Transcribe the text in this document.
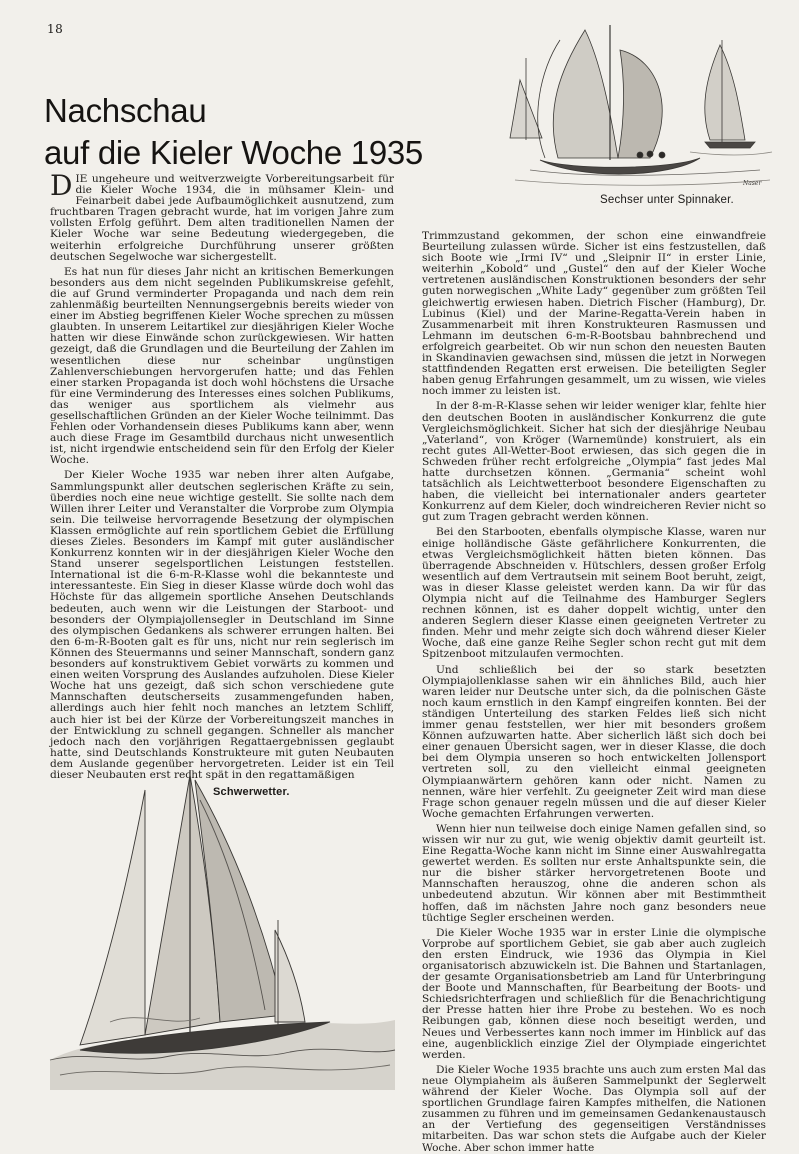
18
Nachschau
auf die Kieler Woche 1935
Naser
Sechser unter Spinnaker.

DIE ungeheure und weitverzweigte Vorbereitungsarbeit für die Kieler Woche 1934, die in mühsamer Klein- und Feinarbeit dabei jede Aufbaumöglichkeit ausnutzend, zum fruchtbaren Tragen gebracht wurde, hat im vorigen Jahre zum vollsten Erfolg geführt. Dem alten traditionellen Namen der Kieler Woche war seine Bedeutung wiedergegeben, die weiterhin erfolgreiche Durchführung unserer größten deutschen Segelwoche war sichergestellt.

Es hat nun für dieses Jahr nicht an kritischen Bemerkungen besonders aus dem nicht segelnden Publikumskreise gefehlt, die auf Grund verminderter Propaganda und nach dem rein zahlenmäßig beurteilten Nennungsergebnis bereits wieder von einer im Abstieg begriffenen Kieler Woche sprechen zu müssen glaubten. In unserem Leitartikel zur diesjährigen Kieler Woche hatten wir diese Einwände schon zurückgewiesen. Wir hatten gezeigt, daß die Grundlagen und die Beurteilung der Zahlen im wesentlichen diese nur scheinbar ungünstigen Zahlenverschiebungen hervorgerufen hatte; und das Fehlen einer starken Propaganda ist doch wohl höchstens die Ursache für eine Verminderung des Interesses eines solchen Publikums, das weniger aus sportlichem als vielmehr aus gesellschaftlichen Gründen an der Kieler Woche teilnimmt. Das Fehlen oder Vorhandensein dieses Publikums kann aber, wenn auch diese Frage im Gesamtbild durchaus nicht unwesentlich ist, nicht irgendwie entscheidend sein für den Erfolg der Kieler Woche.

Der Kieler Woche 1935 war neben ihrer alten Aufgabe, Sammlungspunkt aller deutschen seglerischen Kräfte zu sein, überdies noch eine neue wichtige gestellt. Sie sollte nach dem Willen ihrer Leiter und Veranstalter die Vorprobe zum Olympia sein. Die teilweise hervorragende Besetzung der olympischen Klassen ermöglichte auf rein sportlichem Gebiet die Erfüllung dieses Zieles. Besonders im Kampf mit guter ausländischer Konkurrenz konnten wir in der diesjährigen Kieler Woche den Stand unserer segelsportlichen Leistungen feststellen. International ist die 6-m-R-Klasse wohl die bekannteste und interessanteste. Ein Sieg in dieser Klasse würde doch wohl das Höchste für das allgemein sportliche Ansehen Deutschlands bedeuten, auch wenn wir die Leistungen der Starboot- und besonders der Olympiajollensegler in Deutschland im Sinne des olympischen Gedankens als schwerer errungen halten. Bei den 6-m-R-Booten galt es für uns, nicht nur rein seglerisch im Können des Steuermanns und seiner Mannschaft, sondern ganz besonders auf konstruktivem Gebiet vorwärts zu kommen und einen weiten Vorsprung des Auslandes aufzuholen. Diese Kieler Woche hat uns gezeigt, daß sich schon verschiedene gute Mannschaften deutscherseits zusammengefunden haben, allerdings auch hier fehlt noch manches an letztem Schliff, auch hier ist bei der Kürze der Vorbereitungszeit manches in der Entwicklung zu schnell gegangen. Schneller als mancher jedoch nach den vorjährigen Regattaergebnissen geglaubt hatte, sind Deutschlands Konstrukteure mit guten Neubauten dem Auslande gegenüber hervorgetreten. Leider ist ein Teil dieser Neubauten erst recht spät in den regattamäßigen

Trimmzustand gekommen, der schon eine einwandfreie Beurteilung zulassen würde. Sicher ist eins festzustellen, daß sich Boote wie „Irmi IV“ und „Sleipnir II“ in erster Linie, weiterhin „Kobold“ und „Gustel“ den auf der Kieler Woche vertretenen ausländischen Konstruktionen besonders der sehr guten norwegischen „White Lady“ gegenüber zum größten Teil gleichwertig erwiesen haben. Dietrich Fischer (Hamburg), Dr. Lubinus (Kiel) und der Marine-Regatta-Verein haben in Zusammenarbeit mit ihren Konstrukteuren Rasmussen und Lehmann im deutschen 6-m-R-Bootsbau bahnbrechend und erfolgreich gearbeitet. Ob wir nun schon den neuesten Bauten in Skandinavien gewachsen sind, müssen die jetzt in Norwegen stattfindenden Regatten erst erweisen. Die beteiligten Segler haben genug Erfahrungen gesammelt, um zu wissen, wie vieles noch immer zu leisten ist.

In der 8-m-R-Klasse sehen wir leider weniger klar, fehlte hier den deutschen Booten in ausländischer Konkurrenz die gute Vergleichsmöglichkeit. Sicher hat sich der diesjährige Neubau „Vaterland“, von Kröger (Warnemünde) konstruiert, als ein recht gutes All-Wetter-Boot erwiesen, das sich gegen die in Schweden früher recht erfolgreiche „Olympia“ fast jedes Mal hatte durchsetzen können. „Germania“ scheint wohl tatsächlich als Leichtwetterboot besondere Eigenschaften zu haben, die vielleicht bei internationaler anders gearteter Konkurrenz auf dem Kieler, doch windreicheren Revier nicht so gut zum Tragen gebracht werden können.

Bei den Starbooten, ebenfalls olympische Klasse, waren nur einige holländische Gäste gefährlichere Konkurrenten, die etwas Vergleichsmöglichkeit hätten bieten können. Das überragende Abschneiden v. Hütschlers, dessen großer Erfolg wesentlich auf dem Vertrautsein mit seinem Boot beruht, zeigt, was in dieser Klasse geleistet werden kann. Da wir für das Olympia nicht auf die Teilnahme des Hamburger Seglers rechnen können, ist es daher doppelt wichtig, unter den anderen Seglern dieser Klasse einen geeigneten Vertreter zu finden. Mehr und mehr zeigte sich doch während dieser Kieler Woche, daß eine ganze Reihe Segler schon recht gut mit dem Spitzenboot mitzulaufen vermochten.

Und schließlich bei der so stark besetzten Olympiajollenklasse sahen wir ein ähnliches Bild, auch hier waren leider nur Deutsche unter sich, da die polnischen Gäste noch kaum ernstlich in den Kampf eingreifen konnten. Bei der ständigen Unterteilung des starken Feldes ließ sich nicht immer genau feststellen, wer hier mit besonders großem Können aufzuwarten hatte. Aber sicherlich läßt sich doch bei einer genauen Übersicht sagen, wer in dieser Klasse, die doch bei dem Olympia unseren so hoch entwickelten Jollensport vertreten soll, zu den vielleicht einmal geeigneten Olympiaanwärtern gehören kann oder nicht. Namen zu nennen, wäre hier verfehlt. Zu geeigneter Zeit wird man diese Frage schon genauer regeln müssen und die auf dieser Kieler Woche gemachten Erfahrungen verwerten.

Wenn hier nun teilweise doch einige Namen gefallen sind, so wissen wir nur zu gut, wie wenig objektiv damit geurteilt ist. Eine Regatta-Woche kann nicht im Sinne einer Auswahlregatta gewertet werden. Es sollten nur erste Anhaltspunkte sein, die nur die bisher stärker hervorgetretenen Boote und Mannschaften herauszog, ohne die anderen schon als unbedeutend abzutun. Wir können aber mit Bestimmtheit hoffen, daß im nächsten Jahre noch ganz besonders neue tüchtige Segler erscheinen werden.

Die Kieler Woche 1935 war in erster Linie die olympische Vorprobe auf sportlichem Gebiet, sie gab aber auch zugleich den ersten Eindruck, wie 1936 das Olympia in Kiel organisatorisch abzuwickeln ist. Die Bahnen und Startanlagen, der gesamte Organisationsbetrieb am Land für Unterbringung der Boote und Mannschaften, für Bearbeitung der Boots- und Schiedsrichterfragen und schließlich für die Benachrichtigung der Presse hatten hier ihre Probe zu bestehen. Wo es noch Reibungen gab, können diese noch beseitigt werden, und Neues und Verbessertes kann noch immer im Hinblick auf das eine, augenblicklich einzige Ziel der Olympiade eingerichtet werden.

Die Kieler Woche 1935 brachte uns auch zum ersten Mal das neue Olympiaheim als äußeren Sammelpunkt der Seglerwelt während der Kieler Woche. Das Olympia soll auf der sportlichen Grundlage fairen Kampfes mithelfen, die Nationen zusammen zu führen und im gemeinsamen Gedankenaustausch an der Vertiefung des gegenseitigen Verständnisses mitarbeiten. Das war schon stets die Aufgabe auch der Kieler Woche. Aber schon immer hatte

Schwerwetter.
